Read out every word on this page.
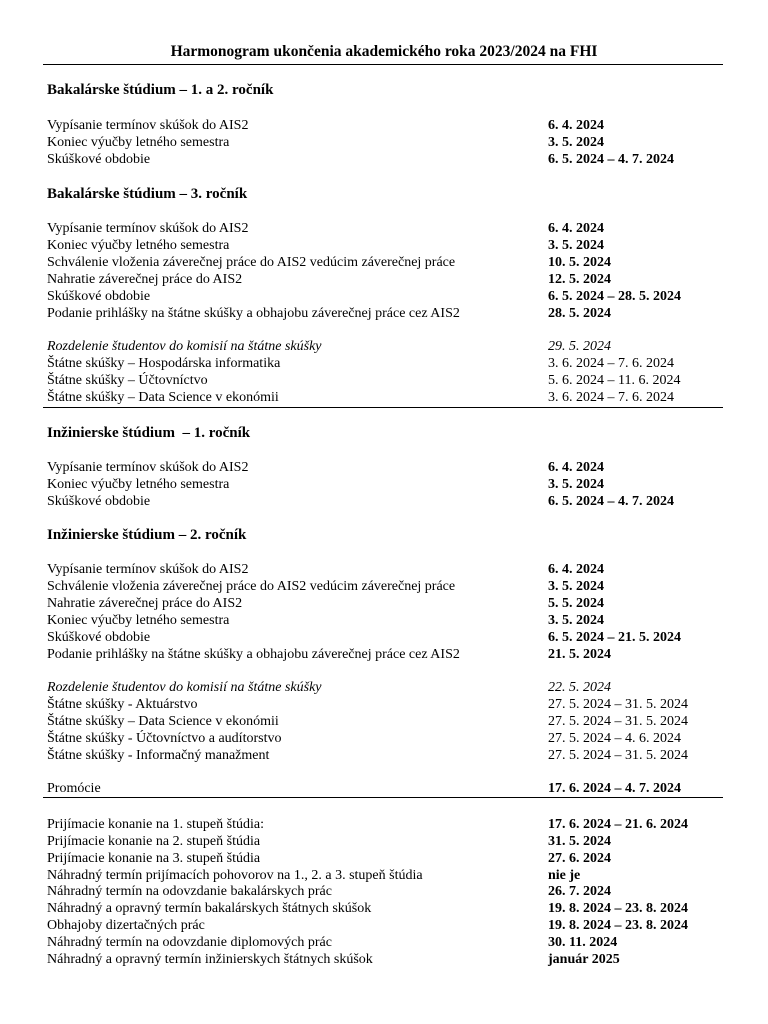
Harmonogram ukončenia akademického roka 2023/2024 na FHI
Bakalárske štúdium – 1. a 2. ročník
Vypísanie termínov skúšok do AIS2	6. 4. 2024
Koniec výučby letného semestra	3. 5. 2024
Skúškové obdobie	6. 5. 2024 – 4. 7. 2024
Bakalárske štúdium – 3. ročník
Vypísanie termínov skúšok do AIS2	6. 4. 2024
Koniec výučby letného semestra	3. 5. 2024
Schválenie vloženia záverečnej práce do AIS2 vedúcim záverečnej práce	10. 5. 2024
Nahratie záverečnej práce do AIS2	12. 5. 2024
Skúškové obdobie	6. 5. 2024 – 28. 5. 2024
Podanie prihlášky na štátne skúšky a obhajobu záverečnej práce cez AIS2	28. 5. 2024
Rozdelenie študentov do komisií na štátne skúšky	29. 5. 2024
Štátne skúšky – Hospodárska informatika	3. 6. 2024 – 7. 6. 2024
Štátne skúšky – Účtovníctvo	5. 6. 2024 – 11. 6. 2024
Štátne skúšky – Data Science v ekonómii	3. 6. 2024 – 7. 6. 2024
Inžinierske štúdium  – 1. ročník
Vypísanie termínov skúšok do AIS2	6. 4. 2024
Koniec výučby letného semestra	3. 5. 2024
Skúškové obdobie	6. 5. 2024 – 4. 7. 2024
Inžinierske štúdium – 2. ročník
Vypísanie termínov skúšok do AIS2	6. 4. 2024
Schválenie vloženia záverečnej práce do AIS2 vedúcim záverečnej práce	3. 5. 2024
Nahratie záverečnej práce do AIS2	5. 5. 2024
Koniec výučby letného semestra	3. 5. 2024
Skúškové obdobie	6. 5. 2024 – 21. 5. 2024
Podanie prihlášky na štátne skúšky a obhajobu záverečnej práce cez AIS2	21. 5. 2024
Rozdelenie študentov do komisií na štátne skúšky	22. 5. 2024
Štátne skúšky - Aktuárstvo	27. 5. 2024 – 31. 5. 2024
Štátne skúšky – Data Science v ekonómii	27. 5. 2024 – 31. 5. 2024
Štátne skúšky - Účtovníctvo a audítorstvo	27. 5. 2024 – 4. 6. 2024
Štátne skúšky - Informačný manažment	27. 5. 2024 – 31. 5. 2024
Promócie	17. 6. 2024 – 4. 7. 2024
Prijímacie konanie na 1. stupeň štúdia:	17. 6. 2024 – 21. 6. 2024
Prijímacie konanie na 2. stupeň štúdia	31. 5. 2024
Prijímacie konanie na 3. stupeň štúdia	27. 6. 2024
Náhradný termín prijímacích pohovorov na 1., 2. a 3. stupeň štúdia	nie je
Náhradný termín na odovzdanie bakalárskych prác	26. 7. 2024
Náhradný a opravný termín bakalárskych štátnych skúšok	19. 8. 2024 – 23. 8. 2024
Obhajoby dizertačných prác	19. 8. 2024 – 23. 8. 2024
Náhradný termín na odovzdanie diplomových prác	30. 11. 2024
Náhradný a opravný termín inžinierskych štátnych skúšok	január 2025
